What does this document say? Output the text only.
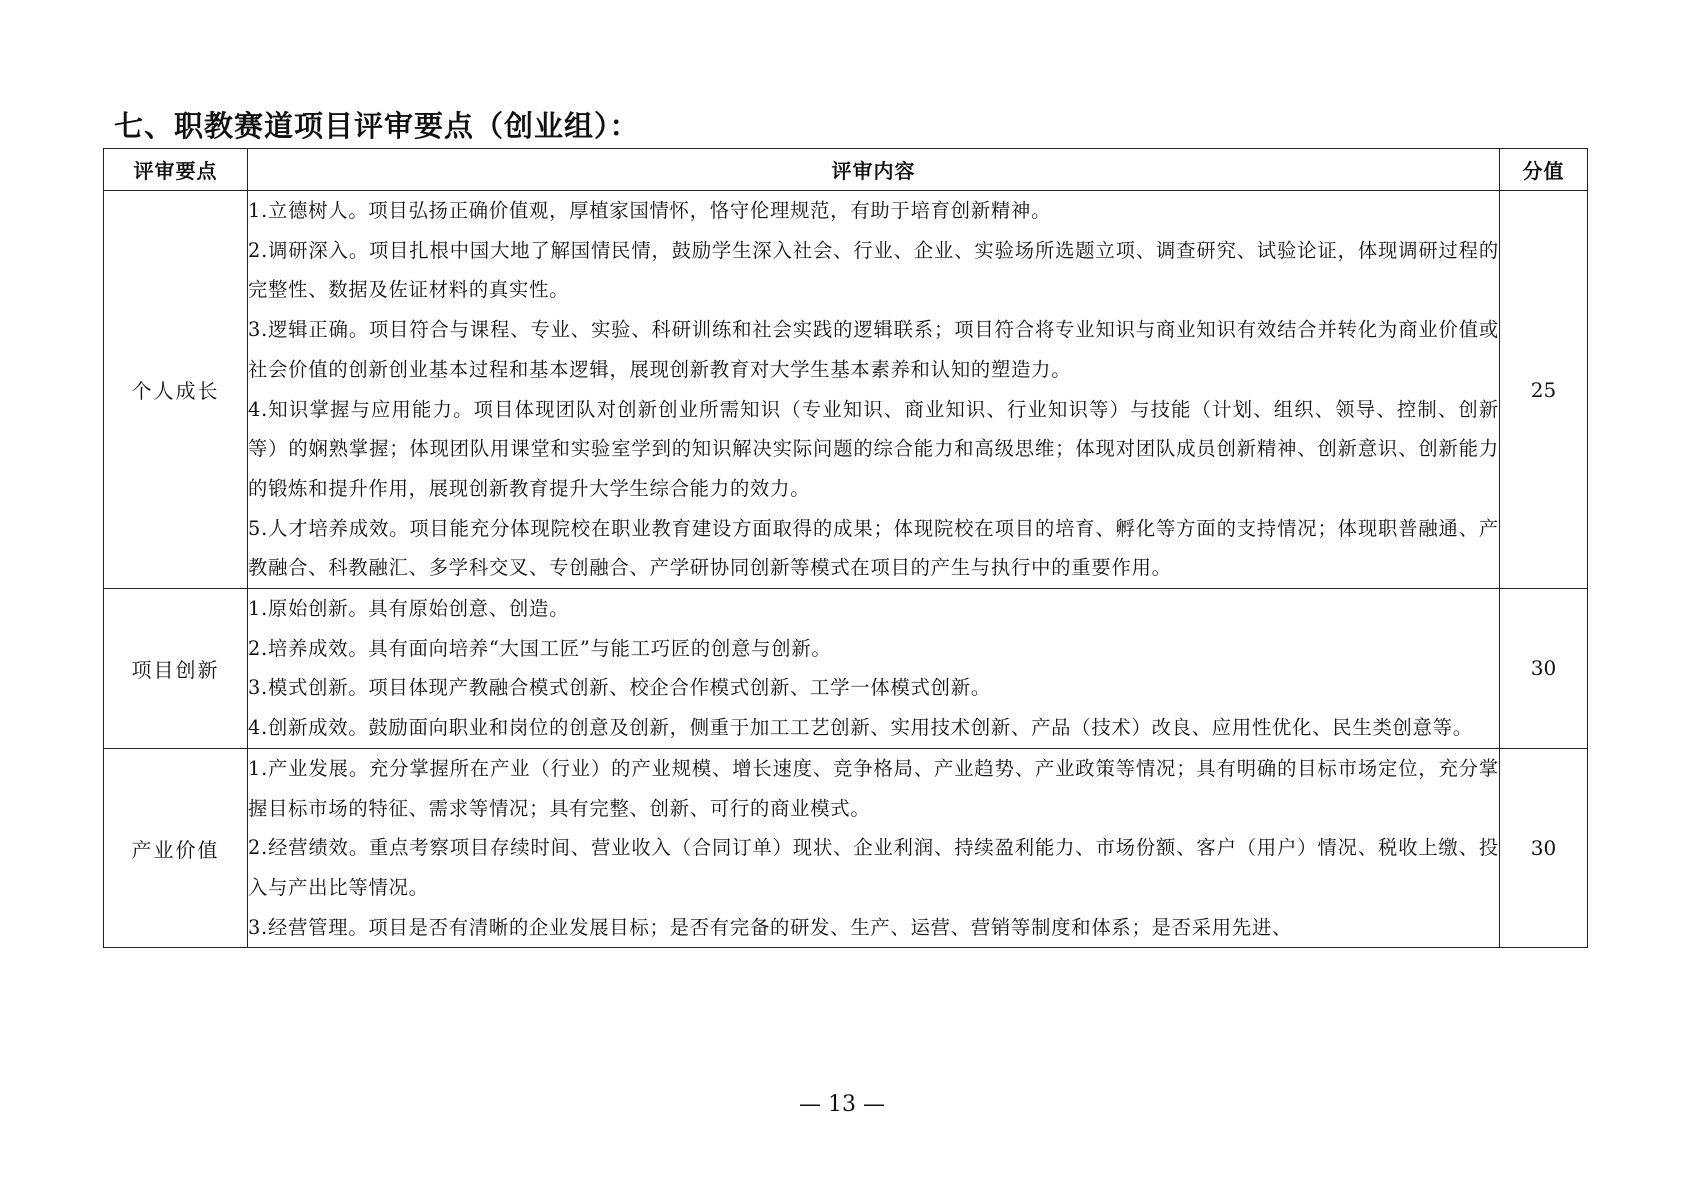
七、职教赛道项目评审要点（创业组）：
评审要点	评审内容	分值
个人成长	1.立德树人。项目弘扬正确价值观，厚植家国情怀，恪守伦理规范，有助于培育创新精神。
2.调研深入。项目扎根中国大地了解国情民情，鼓励学生深入社会、行业、企业、实验场所选题立项、调查研究、试验论证，体现调研过程的完整性、数据及佐证材料的真实性。
3.逻辑正确。项目符合与课程、专业、实验、科研训练和社会实践的逻辑联系；项目符合将专业知识与商业知识有效结合并转化为商业价值或社会价值的创新创业基本过程和基本逻辑，展现创新教育对大学生基本素养和认知的塑造力。
4.知识掌握与应用能力。项目体现团队对创新创业所需知识（专业知识、商业知识、行业知识等）与技能（计划、组织、领导、控制、创新等）的娴熟掌握；体现团队用课堂和实验室学到的知识解决实际问题的综合能力和高级思维；体现对团队成员创新精神、创新意识、创新能力的锻炼和提升作用，展现创新教育提升大学生综合能力的效力。
5.人才培养成效。项目能充分体现院校在职业教育建设方面取得的成果；体现院校在项目的培育、孵化等方面的支持情况；体现职普融通、产教融合、科教融汇、多学科交叉、专创融合、产学研协同创新等模式在项目的产生与执行中的重要作用。	25
项目创新	1.原始创新。具有原始创意、创造。
2.培养成效。具有面向培养“大国工匠”与能工巧匠的创意与创新。
3.模式创新。项目体现产教融合模式创新、校企合作模式创新、工学一体模式创新。
4.创新成效。鼓励面向职业和岗位的创意及创新，侧重于加工工艺创新、实用技术创新、产品（技术）改良、应用性优化、民生类创意等。	30
产业价值	1.产业发展。充分掌握所在产业（行业）的产业规模、增长速度、竞争格局、产业趋势、产业政策等情况；具有明确的目标市场定位，充分掌握目标市场的特征、需求等情况；具有完整、创新、可行的商业模式。
2.经营绩效。重点考察项目存续时间、营业收入（合同订单）现状、企业利润、持续盈利能力、市场份额、客户（用户）情况、税收上缴、投入与产出比等情况。
3.经营管理。项目是否有清晰的企业发展目标；是否有完备的研发、生产、运营、营销等制度和体系；是否采用先进、	30
— 13 —
